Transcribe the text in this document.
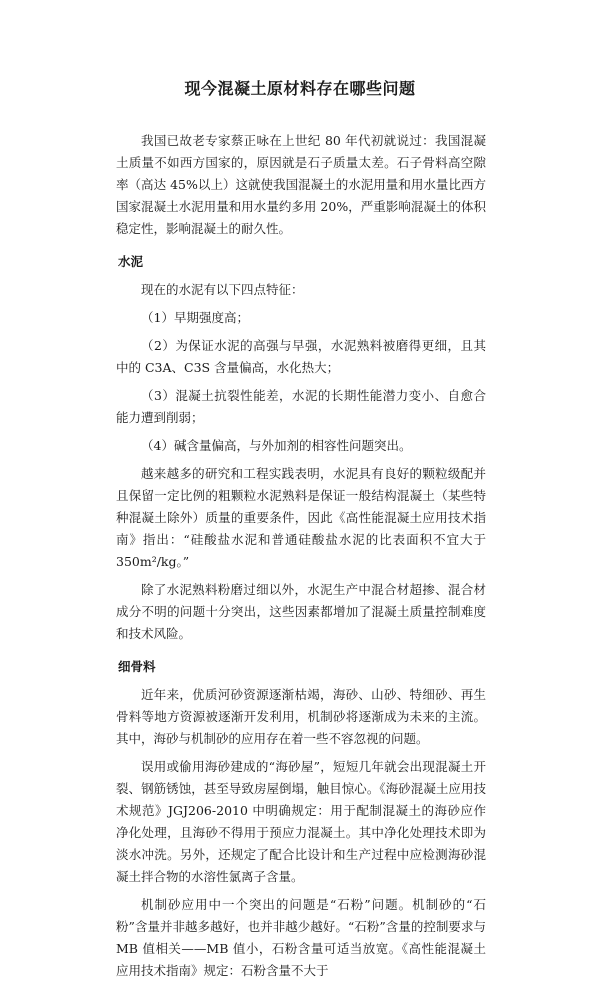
现今混凝土原材料存在哪些问题

我国已故老专家蔡正咏在上世纪 80 年代初就说过：我国混凝土质量不如西方国家的，原因就是石子质量太差。石子骨料高空隙率（高达 45%以上）这就使我国混凝土的水泥用量和用水量比西方国家混凝土水泥用量和用水量约多用 20%，严重影响混凝土的体积稳定性，影响混凝土的耐久性。

水泥

现在的水泥有以下四点特征：

（1）早期强度高；

（2）为保证水泥的高强与早强，水泥熟料被磨得更细，且其中的 C3A、C3S 含量偏高，水化热大；

（3）混凝土抗裂性能差，水泥的长期性能潜力变小、自愈合能力遭到削弱；

（4）碱含量偏高，与外加剂的相容性问题突出。

越来越多的研究和工程实践表明，水泥具有良好的颗粒级配并且保留一定比例的粗颗粒水泥熟料是保证一般结构混凝土（某些特种混凝土除外）质量的重要条件，因此《高性能混凝土应用技术指南》指出：“硅酸盐水泥和普通硅酸盐水泥的比表面积不宜大于 350m²/kg。”

除了水泥熟料粉磨过细以外，水泥生产中混合材超掺、混合材成分不明的问题十分突出，这些因素都增加了混凝土质量控制难度和技术风险。

细骨料

近年来，优质河砂资源逐渐枯竭，海砂、山砂、特细砂、再生骨料等地方资源被逐渐开发利用，机制砂将逐渐成为未来的主流。其中，海砂与机制砂的应用存在着一些不容忽视的问题。

误用或偷用海砂建成的“海砂屋”，短短几年就会出现混凝土开裂、钢筋锈蚀，甚至导致房屋倒塌，触目惊心。《海砂混凝土应用技术规范》JGJ206-2010 中明确规定：用于配制混凝土的海砂应作净化处理，且海砂不得用于预应力混凝土。其中净化处理技术即为淡水冲洗。另外，还规定了配合比设计和生产过程中应检测海砂混凝土拌合物的水溶性氯离子含量。

机制砂应用中一个突出的问题是“石粉”问题。机制砂的“石粉”含量并非越多越好，也并非越少越好。“石粉”含量的控制要求与 MB 值相关——MB 值小，石粉含量可适当放宽。《高性能混凝土应用技术指南》规定：石粉含量不大于
